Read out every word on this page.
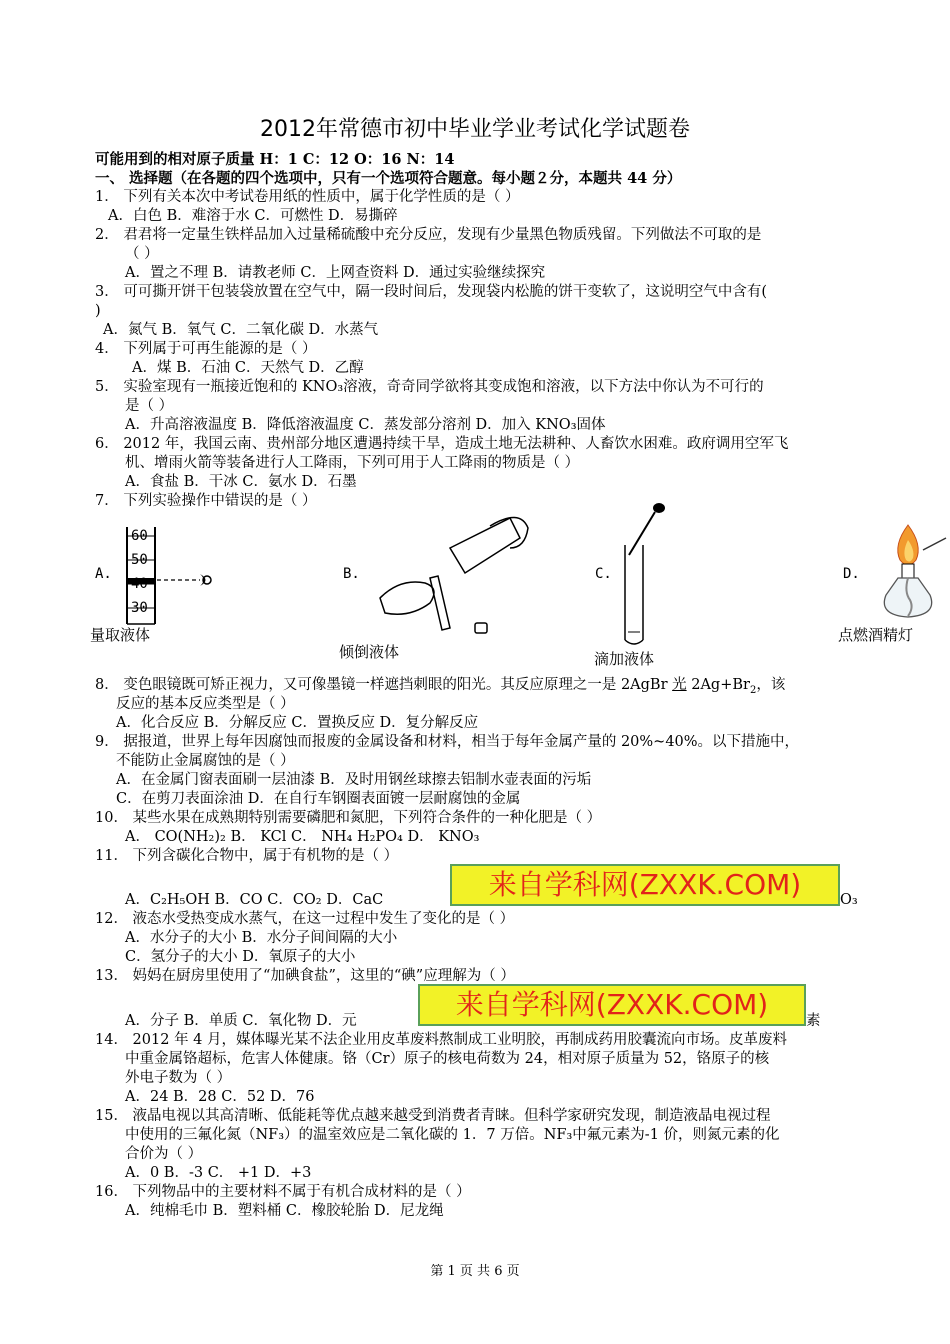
2012年常德市初中毕业学业考试化学试题卷
可能用到的相对原子质量 H：1 C：12 O：16 N：14
一、 选择题（在各题的四个选项中，只有一个选项符合题意。每小题２分，本题共 44 分）
1． 下列有关本次中考试卷用纸的性质中，属于化学性质的是（ ）
A．白色 B．难溶于水 C．可燃性 D．易撕碎
2． 君君将一定量生铁样品加入过量稀硫酸中充分反应，发现有少量黑色物质残留。下列做法不可取的是
（ ）
A．置之不理 B．请教老师 C．上网查资料 D．通过实验继续探究
3． 可可撕开饼干包装袋放置在空气中，隔一段时间后，发现袋内松脆的饼干变软了，这说明空气中含有(
)
A．氮气 B．氧气 C．二氧化碳 D．水蒸气
4． 下列属于可再生能源的是（ ）
A．煤 B．石油 C．天然气 D．乙醇
5． 实验室现有一瓶接近饱和的 KNO₃溶液，奇奇同学欲将其变成饱和溶液，以下方法中你认为不可行的
是（ ）
A．升高溶液温度 B．降低溶液温度 C．蒸发部分溶剂 D．加入 KNO₃固体
6． 2012 年，我国云南、贵州部分地区遭遇持续干旱，造成土地无法耕种、人畜饮水困难。政府调用空军飞
机、增雨火箭等装备进行人工降雨，下列可用于人工降雨的物质是（ ）
A．食盐 B．干冰 C．氨水 D．石墨
7． 下列实验操作中错误的是（ ）
A.
60
50
40
30
量取液体
B.
倾倒液体
C.
滴加液体
D.
点燃酒精灯
8． 变色眼镜既可矫正视力，又可像墨镜一样遮挡刺眼的阳光。其反应原理之一是 2AgBr 光 $2Ag+Br_2$，该
反应的基本反应类型是（ ）
A．化合反应 B．分解反应 C．置换反应 D．复分解反应
9． 据报道，世界上每年因腐蚀而报废的金属设备和材料，相当于每年金属产量的 20%~40%。以下措施中，
不能防止金属腐蚀的是（ ）
A．在金属门窗表面刷一层油漆 B．及时用钢丝球擦去铝制水壶表面的污垢
C．在剪刀表面涂油 D．在自行车钢圈表面镀一层耐腐蚀的金属
10． 某些水果在成熟期特别需要磷肥和氮肥，下列符合条件的一种化肥是（ ）
A． CO(NH₂)₂ B． KCl C． NH₄ H₂PO₄ D． KNO₃
11． 下列含碳化合物中，属于有机物的是（ ）
A．C₂H₅OH B．CO C．CO₂ D．CaC	O₃
来自学科网(ZXXK.COM)
12． 液态水受热变成水蒸气，在这一过程中发生了变化的是（ ）
A．水分子的大小 B．水分子间间隔的大小
C．氢分子的大小 D．氧原子的大小
13． 妈妈在厨房里使用了“加碘食盐”，这里的“碘”应理解为（ ）
A．分子 B．单质 C．氧化物 D．元	素
来自学科网(ZXXK.COM)
14． 2012 年 4 月，媒体曝光某不法企业用皮革废料熬制成工业明胶，再制成药用胶囊流向市场。皮革废料
中重金属铬超标，危害人体健康。铬（Cr）原子的核电荷数为 24，相对原子质量为 52，铬原子的核
外电子数为（ ）
A．24 B．28 C．52 D．76
15． 液晶电视以其高清晰、低能耗等优点越来越受到消费者青睐。但科学家研究发现，制造液晶电视过程
中使用的三氟化氮（NF₃）的温室效应是二氧化碳的 1．7 万倍。NF₃中氟元素为-1 价，则氮元素的化
合价为（ ）
A．0 B．-3 C． +1 D．+3
16． 下列物品中的主要材料不属于有机合成材料的是（ ）
A．纯棉毛巾 B．塑料桶 C．橡胶轮胎 D．尼龙绳
第 1 页 共 6 页
